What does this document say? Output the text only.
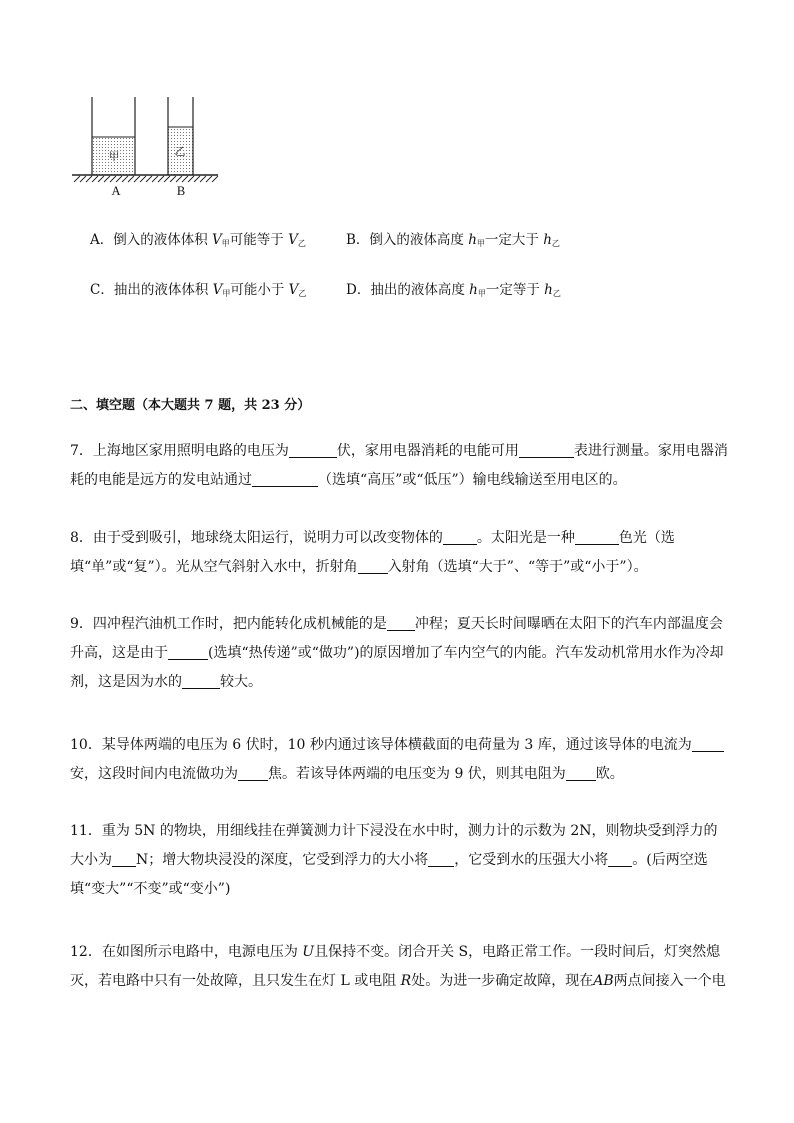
甲	乙
A	B
A．倒入的液体体积 $V_甲$可能等于 $V_乙$	B．倒入的液体高度 $h_甲$一定大于 $h_乙$
C．抽出的液体体积 $V_甲$可能小于 $V_乙$	D．抽出的液体高度 $h_甲$一定等于 $h_乙$
二、填空题（本大题共 7 题，共 23 分）

7．上海地区家用照明电路的电压为	伏，家用电器消耗的电能可用	表进行测量。家用电器消耗的电能是远方的发电站通过	（选填“高压”或“低压”）输电线输送至用电区的。

8．由于受到吸引，地球绕太阳运行，说明力可以改变物体的 。太阳光是一种	色光（选填“单”或“复”）。光从空气斜射入水中，折射角 入射角（选填“大于”、“等于”或“小于”）。

9．四冲程汽油机工作时，把内能转化成机械能的是 冲程；夏天长时间曝晒在太阳下的汽车内部温度会升高，这是由于	(选填“热传递”或“做功”)的原因增加了车内空气的内能。汽车发动机常用水作为冷却剂，这是因为水的	较大。

10．某导体两端的电压为 6 伏时，10 秒内通过该导体横截面的电荷量为 3 库，通过该导体的电流为安，这段时间内电流做功为 焦。若该导体两端的电压变为 9 伏，则其电阻为 欧。

11．重为 5N 的物块，用细线挂在弹簧测力计下浸没在水中时，测力计的示数为 2N，则物块受到浮力的大小为 N；增大物块浸没的深度，它受到浮力的大小将 ，它受到水的压强大小将 。(后两空选填“变大”“不变”或“变小”)

12．在如图所示电路中，电源电压为 U且保持不变。闭合开关 S，电路正常工作。一段时间后，灯突然熄灭，若电路中只有一处故障，且只发生在灯 L 或电阻 R处。为进一步确定故障，现在AB两点间接入一个电
